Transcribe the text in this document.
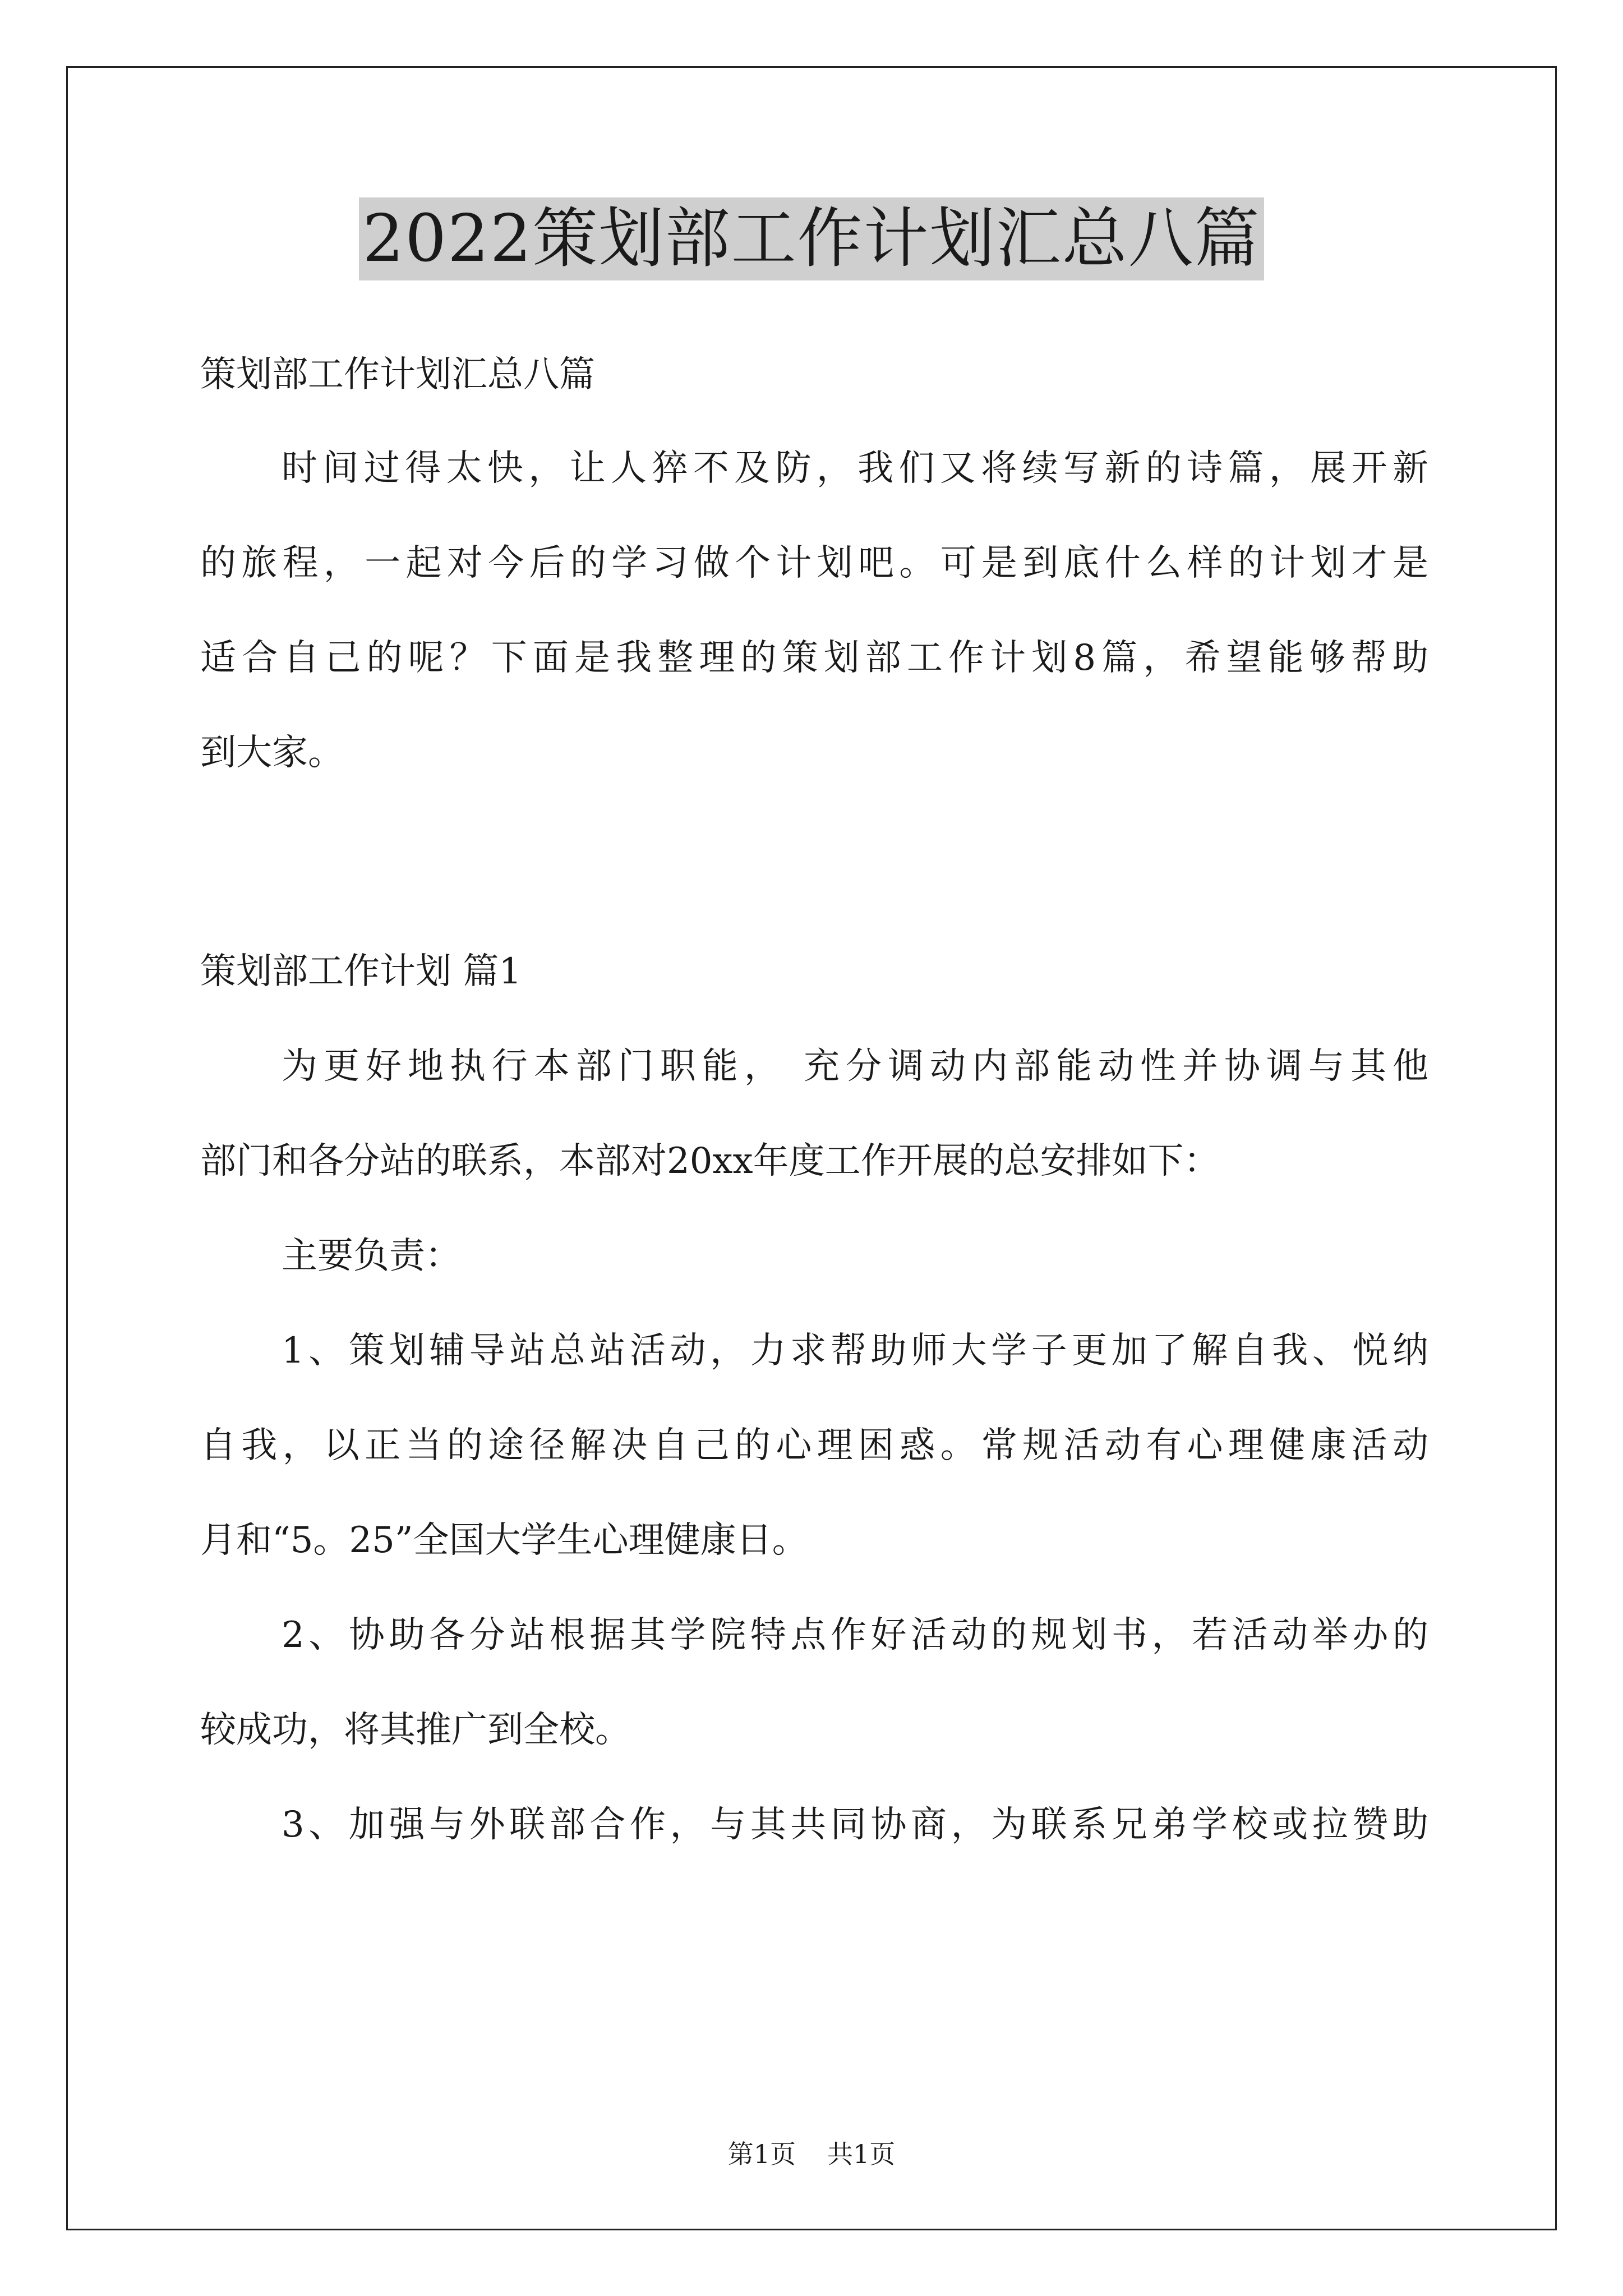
2022策划部工作计划汇总八篇
策划部工作计划汇总八篇
时间过得太快，让人猝不及防，我们又将续写新的诗篇，展开新
的旅程，一起对今后的学习做个计划吧。可是到底什么样的计划才是
适合自己的呢？下面是我整理的策划部工作计划8篇，希望能够帮助
到大家。
策划部工作计划 篇1
为更好地执行本部门职能， 充分调动内部能动性并协调与其他
部门和各分站的联系，本部对20xx年度工作开展的总安排如下：
主要负责：
1、策划辅导站总站活动，力求帮助师大学子更加了解自我、悦纳
自我，以正当的途径解决自己的心理困惑。常规活动有心理健康活动
月和“5。25”全国大学生心理健康日。
2、协助各分站根据其学院特点作好活动的规划书，若活动举办的
较成功，将其推广到全校。
3、加强与外联部合作，与其共同协商，为联系兄弟学校或拉赞助
第1页 共1页
